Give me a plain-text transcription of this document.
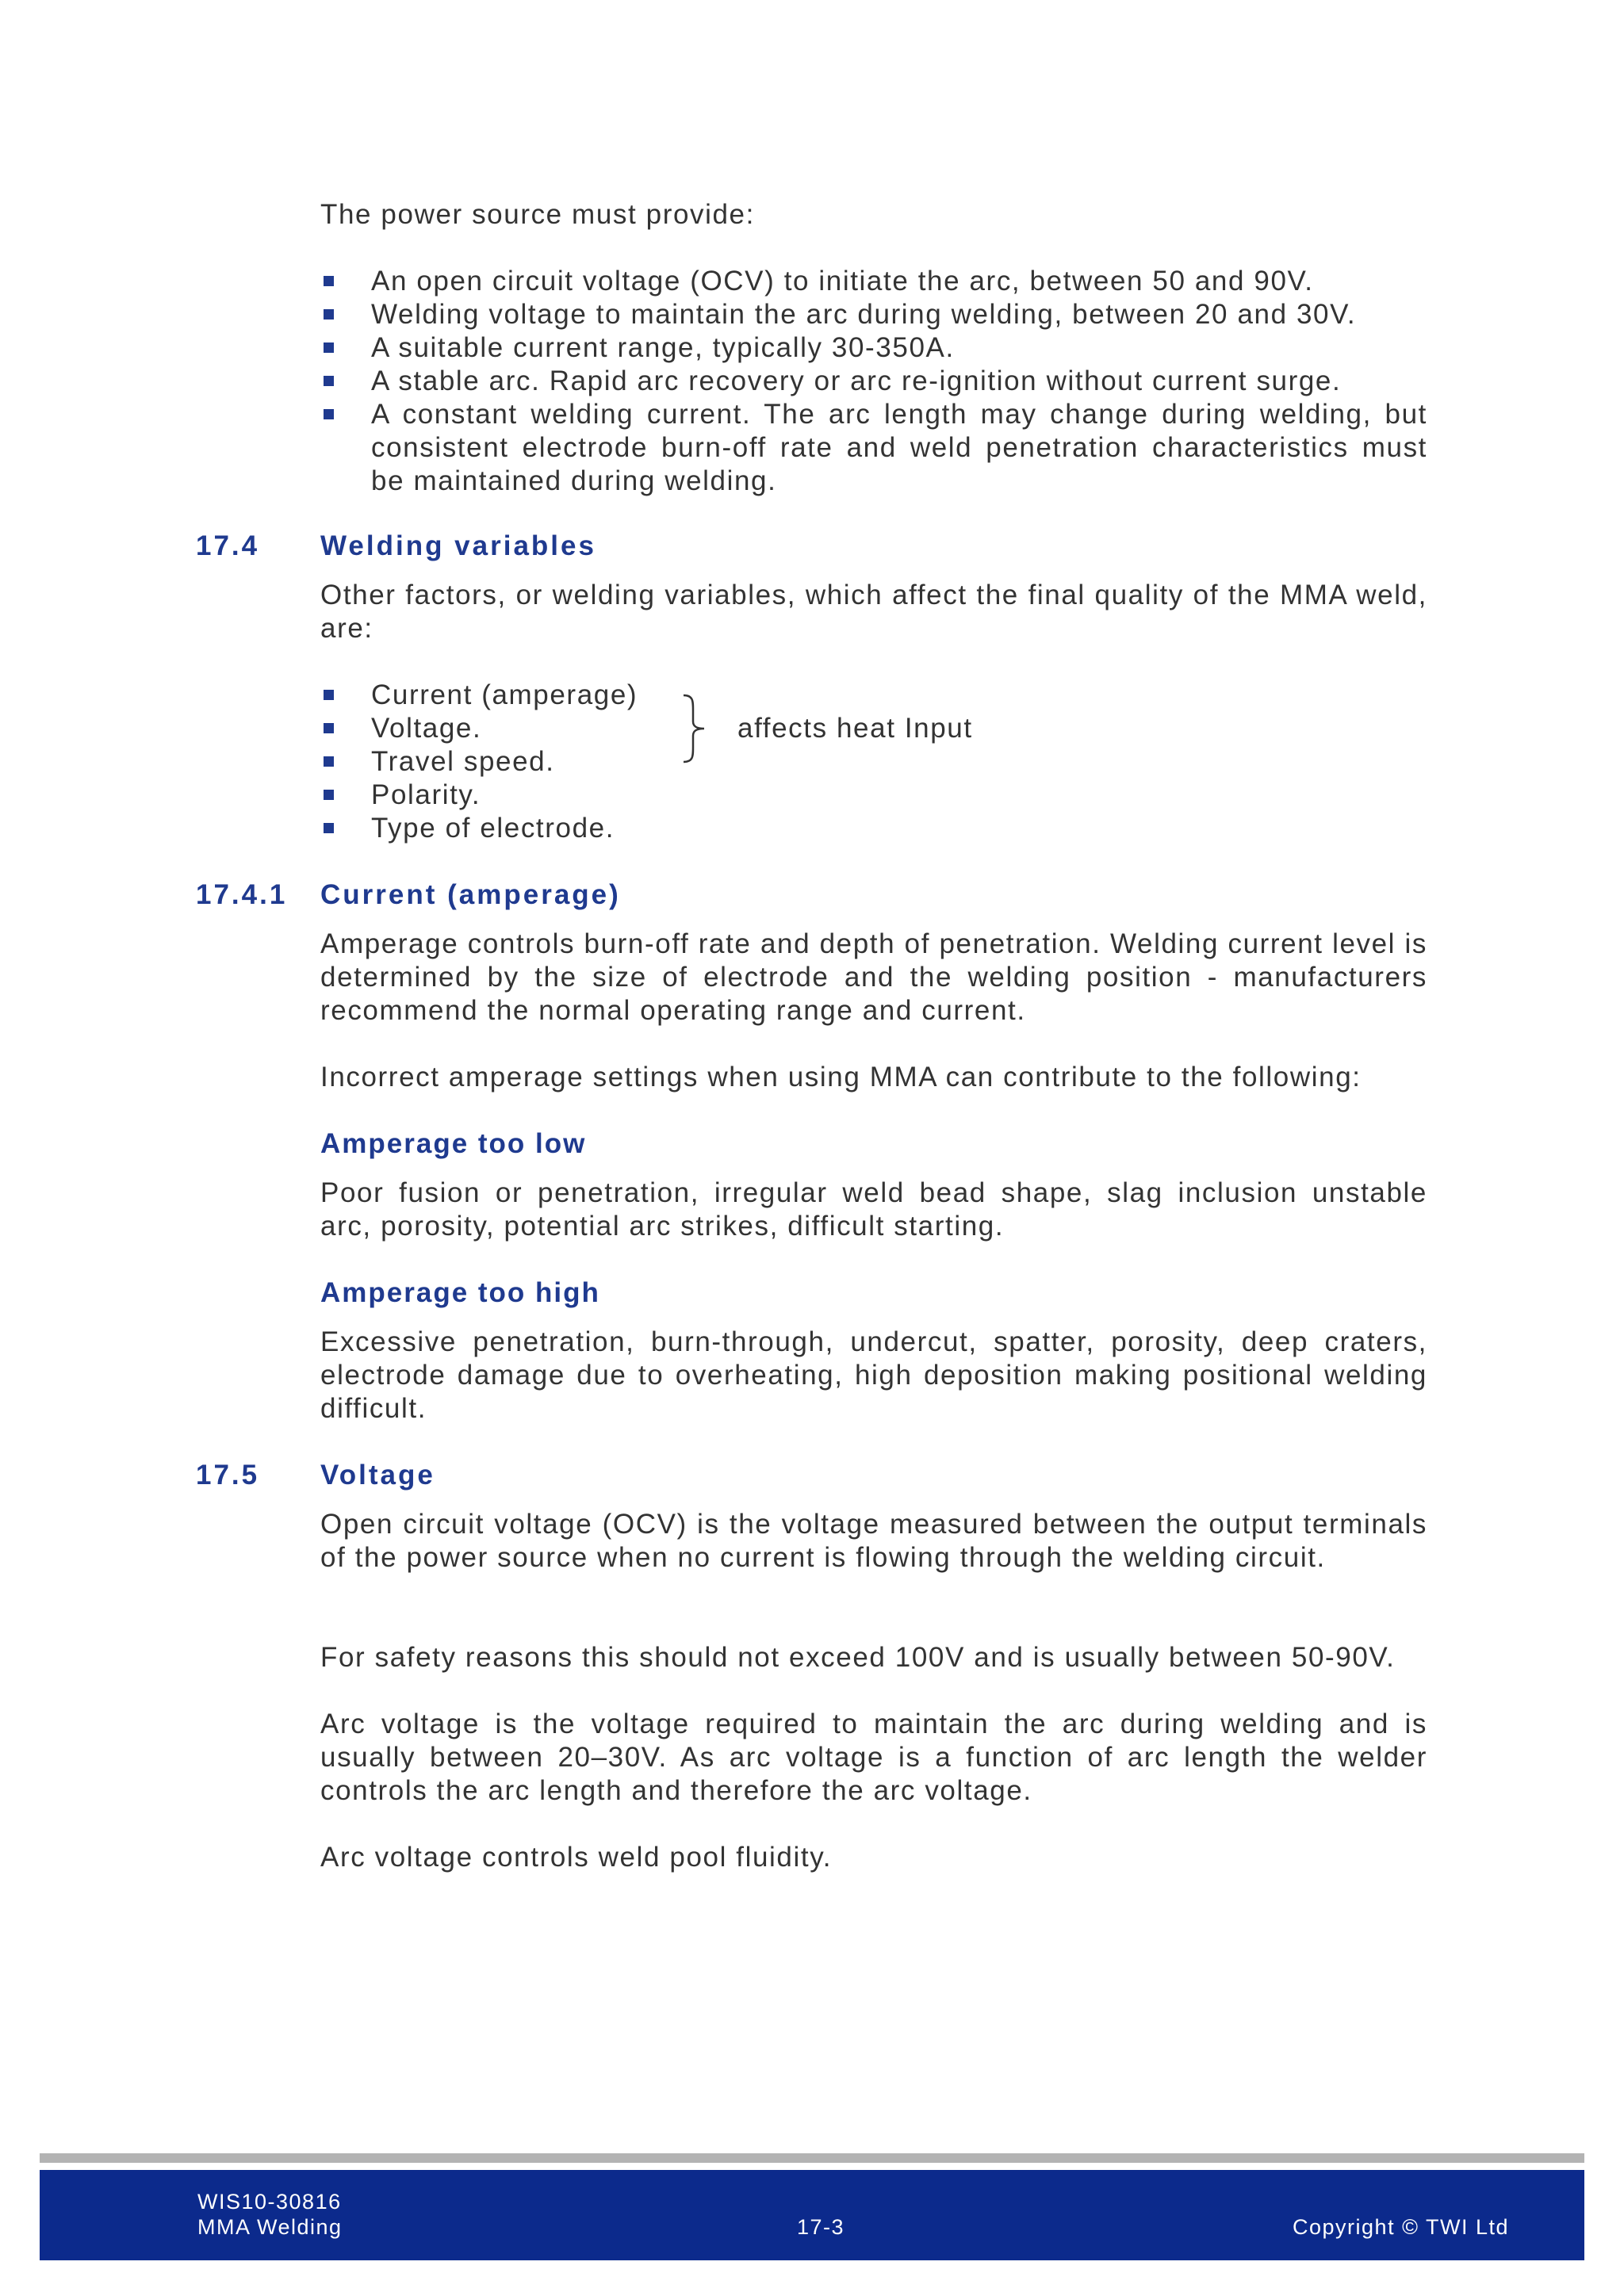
The power source must provide:
An open circuit voltage (OCV) to initiate the arc, between 50 and 90V.
Welding voltage to maintain the arc during welding, between 20 and 30V.
A suitable current range, typically 30-350A.
A stable arc. Rapid arc recovery or arc re-ignition without current surge.
A constant welding current. The arc length may change during welding, but consistent electrode burn-off rate and weld penetration characteristics must be maintained during welding.
17.4 Welding variables
Other factors, or welding variables, which affect the final quality of the MMA weld, are:
Current (amperage)
Voltage.
Travel speed.
Polarity.
Type of electrode.
affects heat Input
17.4.1 Current (amperage)
Amperage controls burn-off rate and depth of penetration. Welding current level is determined by the size of electrode and the welding position - manufacturers recommend the normal operating range and current.
Incorrect amperage settings when using MMA can contribute to the following:
Amperage too low
Poor fusion or penetration, irregular weld bead shape, slag inclusion unstable arc, porosity, potential arc strikes, difficult starting.
Amperage too high
Excessive penetration, burn-through, undercut, spatter, porosity, deep craters, electrode damage due to overheating, high deposition making positional welding difficult.
17.5 Voltage
Open circuit voltage (OCV) is the voltage measured between the output terminals of the power source when no current is flowing through the welding circuit.
For safety reasons this should not exceed 100V and is usually between 50-90V.
Arc voltage is the voltage required to maintain the arc during welding and is usually between 20–30V. As arc voltage is a function of arc length the welder controls the arc length and therefore the arc voltage.
Arc voltage controls weld pool fluidity.
WIS10-30816
MMA Welding	17-3	Copyright © TWI Ltd
